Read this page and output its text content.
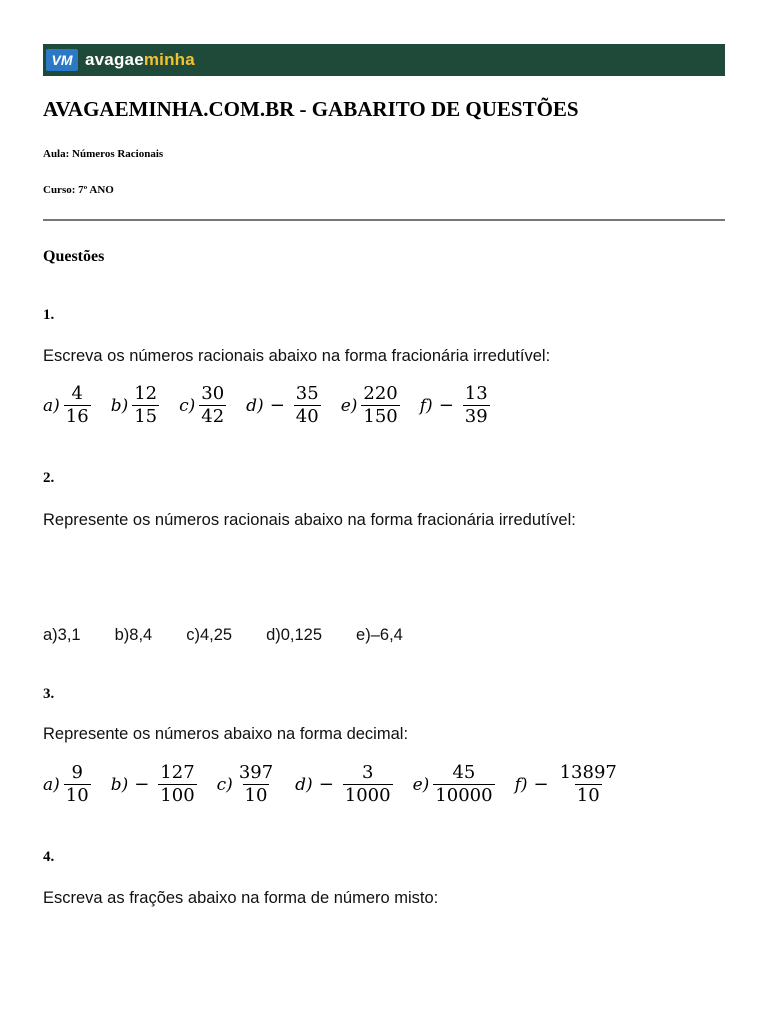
VM avagaeminha
AVAGAEMINHA.COM.BR - GABARITO DE QUESTÕES
Aula: Números Racionais
Curso: 7º ANO
Questões
1.
Escreva os números racionais abaixo na forma fracionária irredutível:
$a) \frac{4}{16} b) \frac{12}{15} c) \frac{30}{42} d) - \frac{35}{40} e) \frac{220}{150} f) - \frac{13}{39}$
2.
Represente os números racionais abaixo na forma fracionária irredutível:
a)3,1 b)8,4 c)4,25 d)0,125 e)–6,4
3.
Represente os números abaixo na forma decimal:
$a) \frac{9}{10} b) - \frac{127}{100} c) \frac{397}{10} d) - \frac{3}{1000} e) \frac{45}{10000} f) - \frac{13897}{10}$
4.
Escreva as frações abaixo na forma de número misto:
